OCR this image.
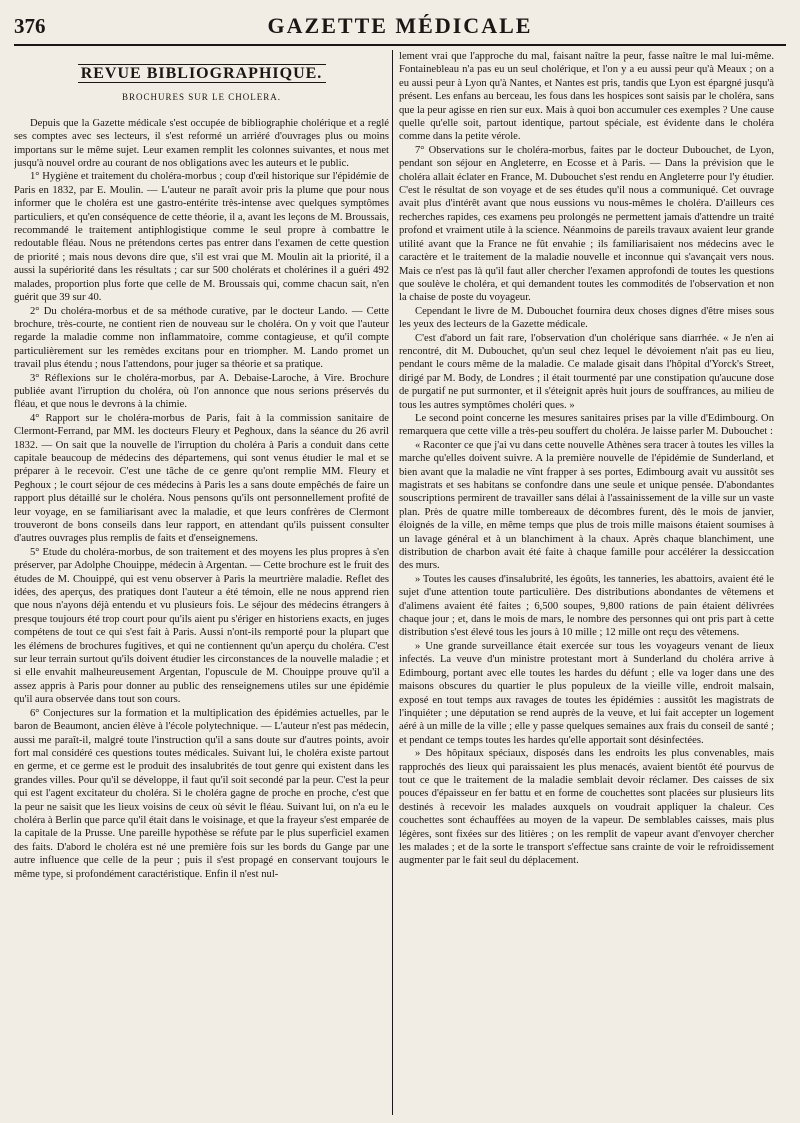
376	GAZETTE MÉDICALE
REVUE BIBLIOGRAPHIQUE.
BROCHURES SUR LE CHOLERA.

Depuis que la Gazette médicale s'est occupée de bibliographie cholérique et a reglé ses comptes avec ses lecteurs, il s'est reformé un arriéré d'ouvrages plus ou moins importans sur le même sujet. Leur examen remplit les colonnes suivantes, et nous met jusqu'à nouvel ordre au courant de nos obligations avec les auteurs et le public.

1° Hygiène et traitement du choléra-morbus ; coup d'œil historique sur l'épidémie de Paris en 1832, par E. Moulin. — L'auteur ne paraît avoir pris la plume que pour nous informer que le choléra est une gastro-entérite très-intense avec quelques symptômes particuliers, et qu'en conséquence de cette théorie, il a, avant les leçons de M. Broussais, recommandé le traitement antiphlogistique comme le seul propre à combattre le redoutable fléau. Nous ne prétendons certes pas entrer dans l'examen de cette question de priorité ; mais nous devons dire que, s'il est vrai que M. Moulin ait la priorité, il a aussi la supériorité dans les résultats ; car sur 500 cholérats et cholérines il a guéri 492 malades, proportion plus forte que celle de M. Broussais qui, comme chacun sait, n'en guérit que 39 sur 40.

2° Du choléra-morbus et de sa méthode curative, par le docteur Lando. — Cette brochure, très-courte, ne contient rien de nouveau sur le choléra. On y voit que l'auteur regarde la maladie comme non inflammatoire, comme contagieuse, et qu'il compte particulièrement sur les remèdes excitans pour en triompher. M. Lando promet un travail plus étendu ; nous l'attendons, pour juger sa théorie et sa pratique.

3° Réflexions sur le choléra-morbus, par A. Debaise-Laroche, à Vire. Brochure publiée avant l'irruption du choléra, où l'on annonce que nous serions préservés du fléau, et que nous le devrons à la chimie.

4° Rapport sur le choléra-morbus de Paris, fait à la commission sanitaire de Clermont-Ferrand, par MM. les docteurs Fleury et Peghoux, dans la séance du 26 avril 1832. — On sait que la nouvelle de l'irruption du choléra à Paris a conduit dans cette capitale beaucoup de médecins des départemens, qui sont venus étudier le mal et se préparer à le recevoir. C'est une tâche de ce genre qu'ont remplie MM. Fleury et Peghoux ; le court séjour de ces médecins à Paris les a sans doute empêchés de faire un rapport plus détaillé sur le choléra. Nous pensons qu'ils ont personnellement profité de leur voyage, en se familiarisant avec la maladie, et que leurs confrères de Clermont trouveront de bons conseils dans leur rapport, en attendant qu'ils puissent consulter d'autres ouvrages plus remplis de faits et d'enseignemens.

5° Etude du choléra-morbus, de son traitement et des moyens les plus propres à s'en préserver, par Adolphe Chouippe, médecin à Argentan. — Cette brochure est le fruit des études de M. Chouippé, qui est venu observer à Paris la meurtrière maladie. Reflet des idées, des aperçus, des pratiques dont l'auteur a été témoin, elle ne nous apprend rien que nous n'ayons déjà entendu et vu plusieurs fois. Le séjour des médecins étrangers à presque toujours été trop court pour qu'ils aient pu s'ériger en historiens exacts, en juges compétens de tout ce qui s'est fait à Paris. Aussi n'ont-ils remporté pour la plupart que les élémens de brochures fugitives, et qui ne contiennent qu'un aperçu du choléra. C'est sur leur terrain surtout qu'ils doivent étudier les circonstances de la nouvelle maladie ; et si elle envahit malheureusement Argentan, l'opuscule de M. Chouippe prouve qu'il a assez appris à Paris pour donner au public des renseignemens utiles sur une épidémie qu'il aura observée dans tout son cours.

6° Conjectures sur la formation et la multiplication des épidémies actuelles, par le baron de Beaumont, ancien élève à l'école polytechnique. — L'auteur n'est pas médecin, aussi me paraît-il, malgré toute l'instruction qu'il a sans doute sur d'autres points, avoir fort mal considéré ces questions toutes médicales. Suivant lui, le choléra existe partout en germe, et ce germe est le produit des insalubrités de tout genre qui existent dans les grandes villes. Pour qu'il se développe, il faut qu'il soit secondé par la peur. C'est la peur qui est l'agent excitateur du choléra. Si le choléra gagne de proche en proche, c'est que la peur ne saisit que les lieux voisins de ceux où sévit le fléau. Suivant lui, on n'a eu le choléra à Berlin que parce qu'il était dans le voisinage, et que la frayeur s'est emparée de la capitale de la Prusse. Une pareille hypothèse se réfute par le plus superficiel examen des faits. D'abord le choléra est né une première fois sur les bords du Gange par une autre influence que celle de la peur ; puis il s'est propagé en conservant toujours le même type, si profondément caractéristique. Enfin il n'est nul-

lement vrai que l'approche du mal, faisant naître la peur, fasse naître le mal lui-même. Fontainebleau n'a pas eu un seul cholérique, et l'on y a eu aussi peur qu'à Meaux ; on a eu aussi peur à Lyon qu'à Nantes, et Nantes est pris, tandis que Lyon est épargné jusqu'à présent. Les enfans au berceau, les fous dans les hospices sont saisis par le choléra, sans que la peur agisse en rien sur eux. Mais à quoi bon accumuler ces exemples ? Une cause quelle qu'elle soit, partout identique, partout spéciale, est évidente dans le choléra comme dans la petite vérole.

7° Observations sur le choléra-morbus, faites par le docteur Dubouchet, de Lyon, pendant son séjour en Angleterre, en Ecosse et à Paris. — Dans la prévision que le choléra allait éclater en France, M. Dubouchet s'est rendu en Angleterre pour l'y étudier. C'est le résultat de son voyage et de ses études qu'il nous a communiqué. Cet ouvrage avait plus d'intérêt avant que nous eussions vu nous-mêmes le choléra. D'ailleurs ces recherches rapides, ces examens peu prolongés ne permettent jamais d'attendre un traité profond et vraiment utile à la science. Néanmoins de pareils travaux avaient leur grande utilité avant que la France ne fût envahie ; ils familiarisaient nos médecins avec le caractère et le traitement de la maladie nouvelle et inconnue qui s'avançait vers nous. Mais ce n'est pas là qu'il faut aller chercher l'examen approfondi de toutes les questions que soulève le choléra, et qui demandent toutes les commodités de l'observation et non la chaise de poste du voyageur.

Cependant le livre de M. Dubouchet fournira deux choses dignes d'être mises sous les yeux des lecteurs de la Gazette médicale.

C'est d'abord un fait rare, l'observation d'un cholérique sans diarrhée. « Je n'en ai rencontré, dit M. Dubouchet, qu'un seul chez lequel le dévoiement n'ait pas eu lieu, pendant le cours même de la maladie. Ce malade gisait dans l'hôpital d'Yorck's Street, dirigé par M. Body, de Londres ; il était tourmenté par une constipation qu'aucune dose de purgatif ne put surmonter, et il s'éteignit après huit jours de souffrances, au milieu de tous les autres symptômes choléri ques. »

Le second point concerne les mesures sanitaires prises par la ville d'Edimbourg. On remarquera que cette ville a très-peu souffert du choléra. Je laisse parler M. Dubouchet :

« Raconter ce que j'ai vu dans cette nouvelle Athènes sera tracer à toutes les villes la marche qu'elles doivent suivre. A la première nouvelle de l'épidémie de Sunderland, et bien avant que la maladie ne vînt frapper à ses portes, Edimbourg avait vu aussitôt ses magistrats et ses habitans se confondre dans une seule et unique pensée. D'abondantes souscriptions permirent de travailler sans délai à l'assainissement de la ville sur un vaste plan. Près de quatre mille tombereaux de décombres furent, dès le mois de janvier, éloignés de la ville, en même temps que plus de trois mille maisons étaient soumises à un lavage général et à un blanchiment à la chaux. Après chaque blanchiment, une distribution de charbon avait été faite à chaque famille pour accélérer la dessiccation des murs.

» Toutes les causes d'insalubrité, les égoûts, les tanneries, les abattoirs, avaient été le sujet d'une attention toute particulière. Des distributions abondantes de vêtemens et d'alimens avaient été faites ; 6,500 soupes, 9,800 rations de pain étaient délivrées chaque jour ; et, dans le mois de mars, le nombre des personnes qui ont pris part à cette distribution s'est élevé tous les jours à 10 mille ; 12 mille ont reçu des vêtemens.

» Une grande surveillance était exercée sur tous les voyageurs venant de lieux infectés. La veuve d'un ministre protestant mort à Sunderland du choléra arrive à Edimbourg, portant avec elle toutes les hardes du défunt ; elle va loger dans une des maisons obscures du quartier le plus populeux de la vieille ville, endroit malsain, exposé en tout temps aux ravages de toutes les épidémies : aussitôt les magistrats de l'inquiéter ; une députation se rend auprès de la veuve, et lui fait accepter un logement aéré à un mille de la ville ; elle y passe quelques semaines aux frais du conseil de santé ; et pendant ce temps toutes les hardes qu'elle apportait sont désinfectées.

» Des hôpitaux spéciaux, disposés dans les endroits les plus convenables, mais rapprochés des lieux qui paraissaient les plus menacés, avaient bientôt été pourvus de tout ce que le traitement de la maladie semblait devoir réclamer. Des caisses de six pouces d'épaisseur en fer battu et en forme de couchettes sont placées sur plusieurs lits destinés à recevoir les malades auxquels on voudrait appliquer la chaleur. Ces couchettes sont échauffées au moyen de la vapeur. De semblables caisses, mais plus légères, sont fixées sur des litières ; on les remplit de vapeur avant d'envoyer chercher les malades ; et de la sorte le transport s'effectue sans crainte de voir le refroidissement augmenter par le fait seul du déplacement.
